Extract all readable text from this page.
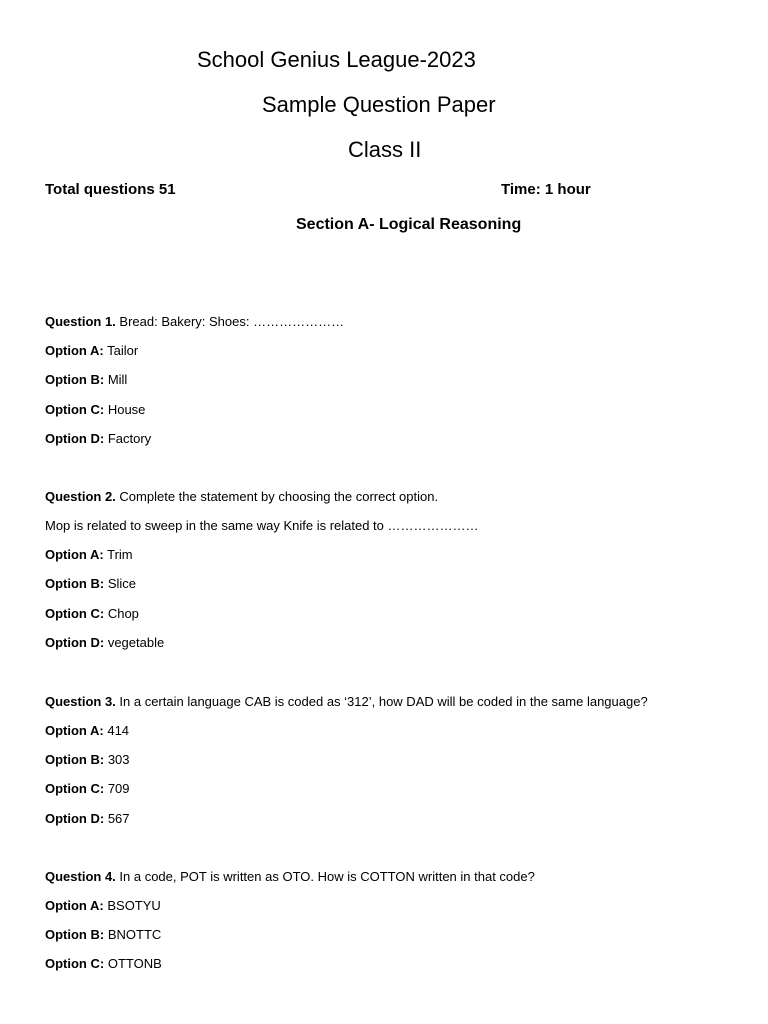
School Genius League-2023
Sample Question Paper
Class II
Total questions 51	Time: 1 hour
Section A- Logical Reasoning
Question 1. Bread: Bakery: Shoes: …………………
Option A: Tailor
Option B: Mill
Option C: House
Option D: Factory
Question 2. Complete the statement by choosing the correct option.
Mop is related to sweep in the same way Knife is related to …………………
Option A: Trim
Option B: Slice
Option C: Chop
Option D: vegetable
Question 3. In a certain language CAB is coded as ‘312’, how DAD will be coded in the same language?
Option A: 414
Option B: 303
Option C: 709
Option D: 567
Question 4. In a code, POT is written as OTO. How is COTTON written in that code?
Option A: BSOTYU
Option B: BNOTTC
Option C: OTTONB
